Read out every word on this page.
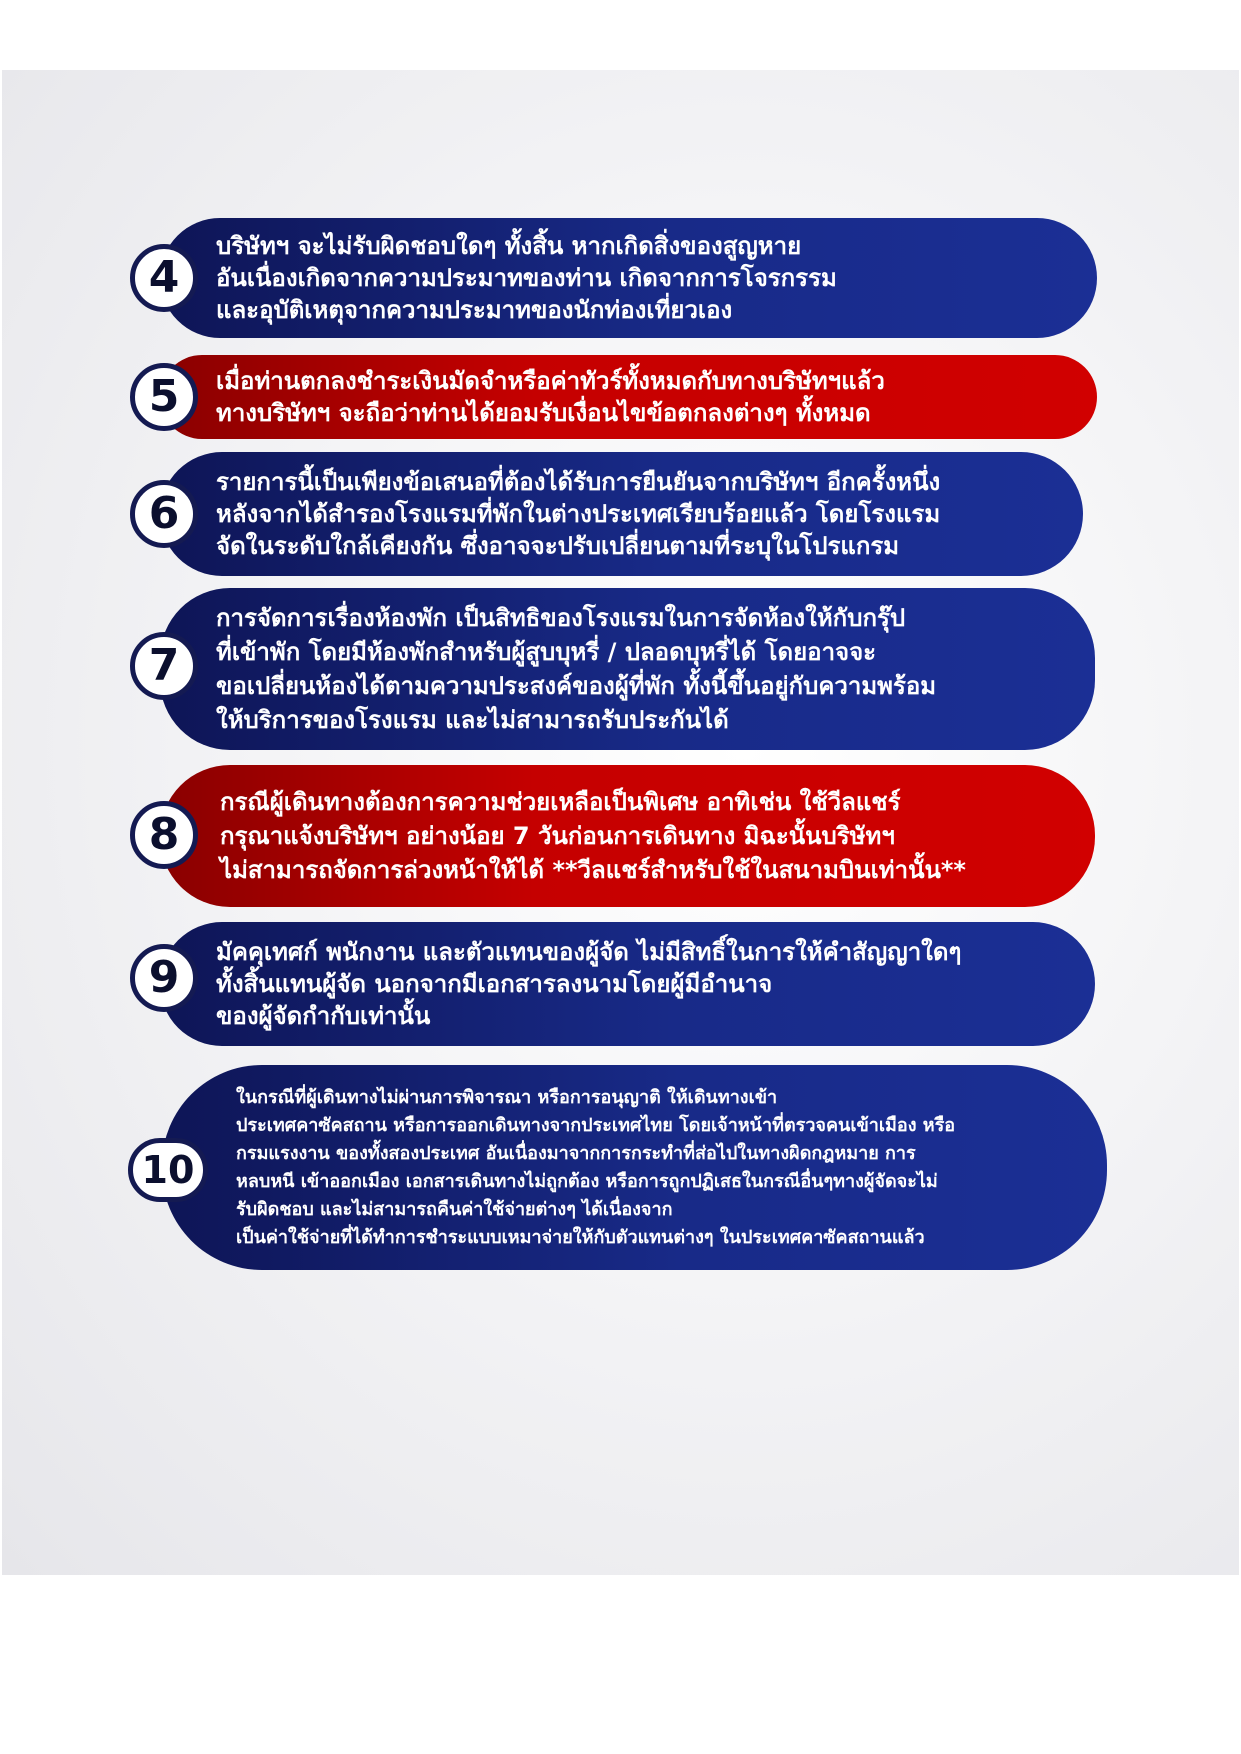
บริษัทฯ จะไม่รับผิดชอบใดๆ ทั้งสิ้น หากเกิดสิ่งของสูญหาย
อันเนื่องเกิดจากความประมาทของท่าน เกิดจากการโจรกรรม
และอุบัติเหตุจากความประมาทของนักท่องเที่ยวเอง
4
เมื่อท่านตกลงชำระเงินมัดจำหรือค่าทัวร์ทั้งหมดกับทางบริษัทฯแล้ว
ทางบริษัทฯ จะถือว่าท่านได้ยอมรับเงื่อนไขข้อตกลงต่างๆ ทั้งหมด
5
รายการนี้เป็นเพียงข้อเสนอที่ต้องได้รับการยืนยันจากบริษัทฯ อีกครั้งหนึ่ง
หลังจากได้สำรองโรงแรมที่พักในต่างประเทศเรียบร้อยแล้ว โดยโรงแรม
จัดในระดับใกล้เคียงกัน ซึ่งอาจจะปรับเปลี่ยนตามที่ระบุในโปรแกรม
6
การจัดการเรื่องห้องพัก เป็นสิทธิของโรงแรมในการจัดห้องให้กับกรุ๊ป
ที่เข้าพัก โดยมีห้องพักสำหรับผู้สูบบุหรี่ / ปลอดบุหรี่ได้ โดยอาจจะ
ขอเปลี่ยนห้องได้ตามความประสงค์ของผู้ที่พัก ทั้งนี้ขึ้นอยู่กับความพร้อม
ให้บริการของโรงแรม และไม่สามารถรับประกันได้
7
กรณีผู้เดินทางต้องการความช่วยเหลือเป็นพิเศษ อาทิเช่น ใช้วีลแชร์
กรุณาแจ้งบริษัทฯ อย่างน้อย 7 วันก่อนการเดินทาง มิฉะนั้นบริษัทฯ
ไม่สามารถจัดการล่วงหน้าให้ได้ **วีลแชร์สำหรับใช้ในสนามบินเท่านั้น**
8
มัคคุเทศก์ พนักงาน และตัวแทนของผู้จัด ไม่มีสิทธิ์ในการให้คำสัญญาใดๆ
ทั้งสิ้นแทนผู้จัด นอกจากมีเอกสารลงนามโดยผู้มีอำนาจ
ของผู้จัดกำกับเท่านั้น
9
ในกรณีที่ผู้เดินทางไม่ผ่านการพิจารณา หรือการอนุญาติ ให้เดินทางเข้า
ประเทศคาซัคสถาน หรือการออกเดินทางจากประเทศไทย โดยเจ้าหน้าที่ตรวจคนเข้าเมือง หรือ
กรมแรงงาน ของทั้งสองประเทศ อันเนื่องมาจากการกระทำที่ส่อไปในทางผิดกฎหมาย การ
หลบหนี เข้าออกเมือง เอกสารเดินทางไม่ถูกต้อง หรือการถูกปฏิเสธในกรณีอื่นๆทางผู้จัดจะไม่
รับผิดชอบ และไม่สามารถคืนค่าใช้จ่ายต่างๆ ได้เนื่องจาก
เป็นค่าใช้จ่ายที่ได้ทำการชำระแบบเหมาจ่ายให้กับตัวแทนต่างๆ ในประเทศคาซัคสถานแล้ว
10
